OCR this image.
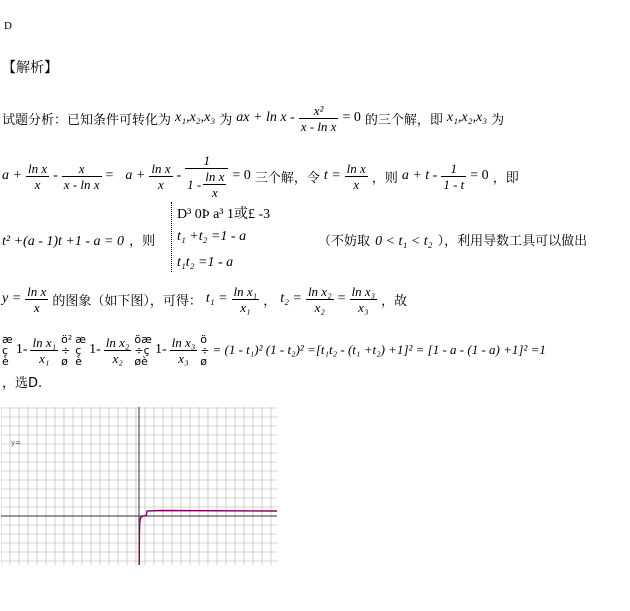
D
【解析】
试题分析：已知条件可转化为 x₁,x₂,x₃ 为 ax + $\ln x - \frac{\text{x²}}{\text{x - ln x}} = 0$ 的三个解，即 x₁,x₂,x₃ 为
$a + \frac{\text{ln x}}{x} - \frac{x}{\text{x - ln x}} = a + \frac{\text{ln x}}{x} - \frac{1}{1 - \frac{\text{ln x}}{x}} = 0$ 三个解，令 $t = \frac{\text{ln x}}{x}$ ，则 $a + t - \frac{1}{1 - t} = 0$ ，即
t² +(a - 1)t +1 - a = 0 ，则
D³ 0Þ a³ 1或£ -3
t₁ +t₂ =1 - a
t₁t₂ =1 - a
（不妨取 0 < t₁ < t₂ ），利用导数工具可以做出
$y = \frac{\text{ln x}}{x}$ 的图象（如下图），可得： $t_1 = \frac{\text{ln x₁}}{\text{x₁}}$ ， $t_2 = \frac{\text{ln x₂}}{\text{x₂}} = \frac{\text{ln x₃}}{\text{x₃}}$ ，故
æ
ç
è
$1- \frac{\text{ln x₁}}{\text{x₁}}$ ö²
÷
ø
æ
ç
è
$1- \frac{\text{ln x₂}}{\text{x₂}}$ öæ
÷ç
øè
$1- \frac{\text{ln x₃}}{\text{x₃}}$ ö
÷
ø
= (1 - t₁)² (1 - t₂)² =[t₁t₂ - (t₁ +t₂) +1]² = [1 - a - (1 - a) +1]² =1
，选D.
y=
